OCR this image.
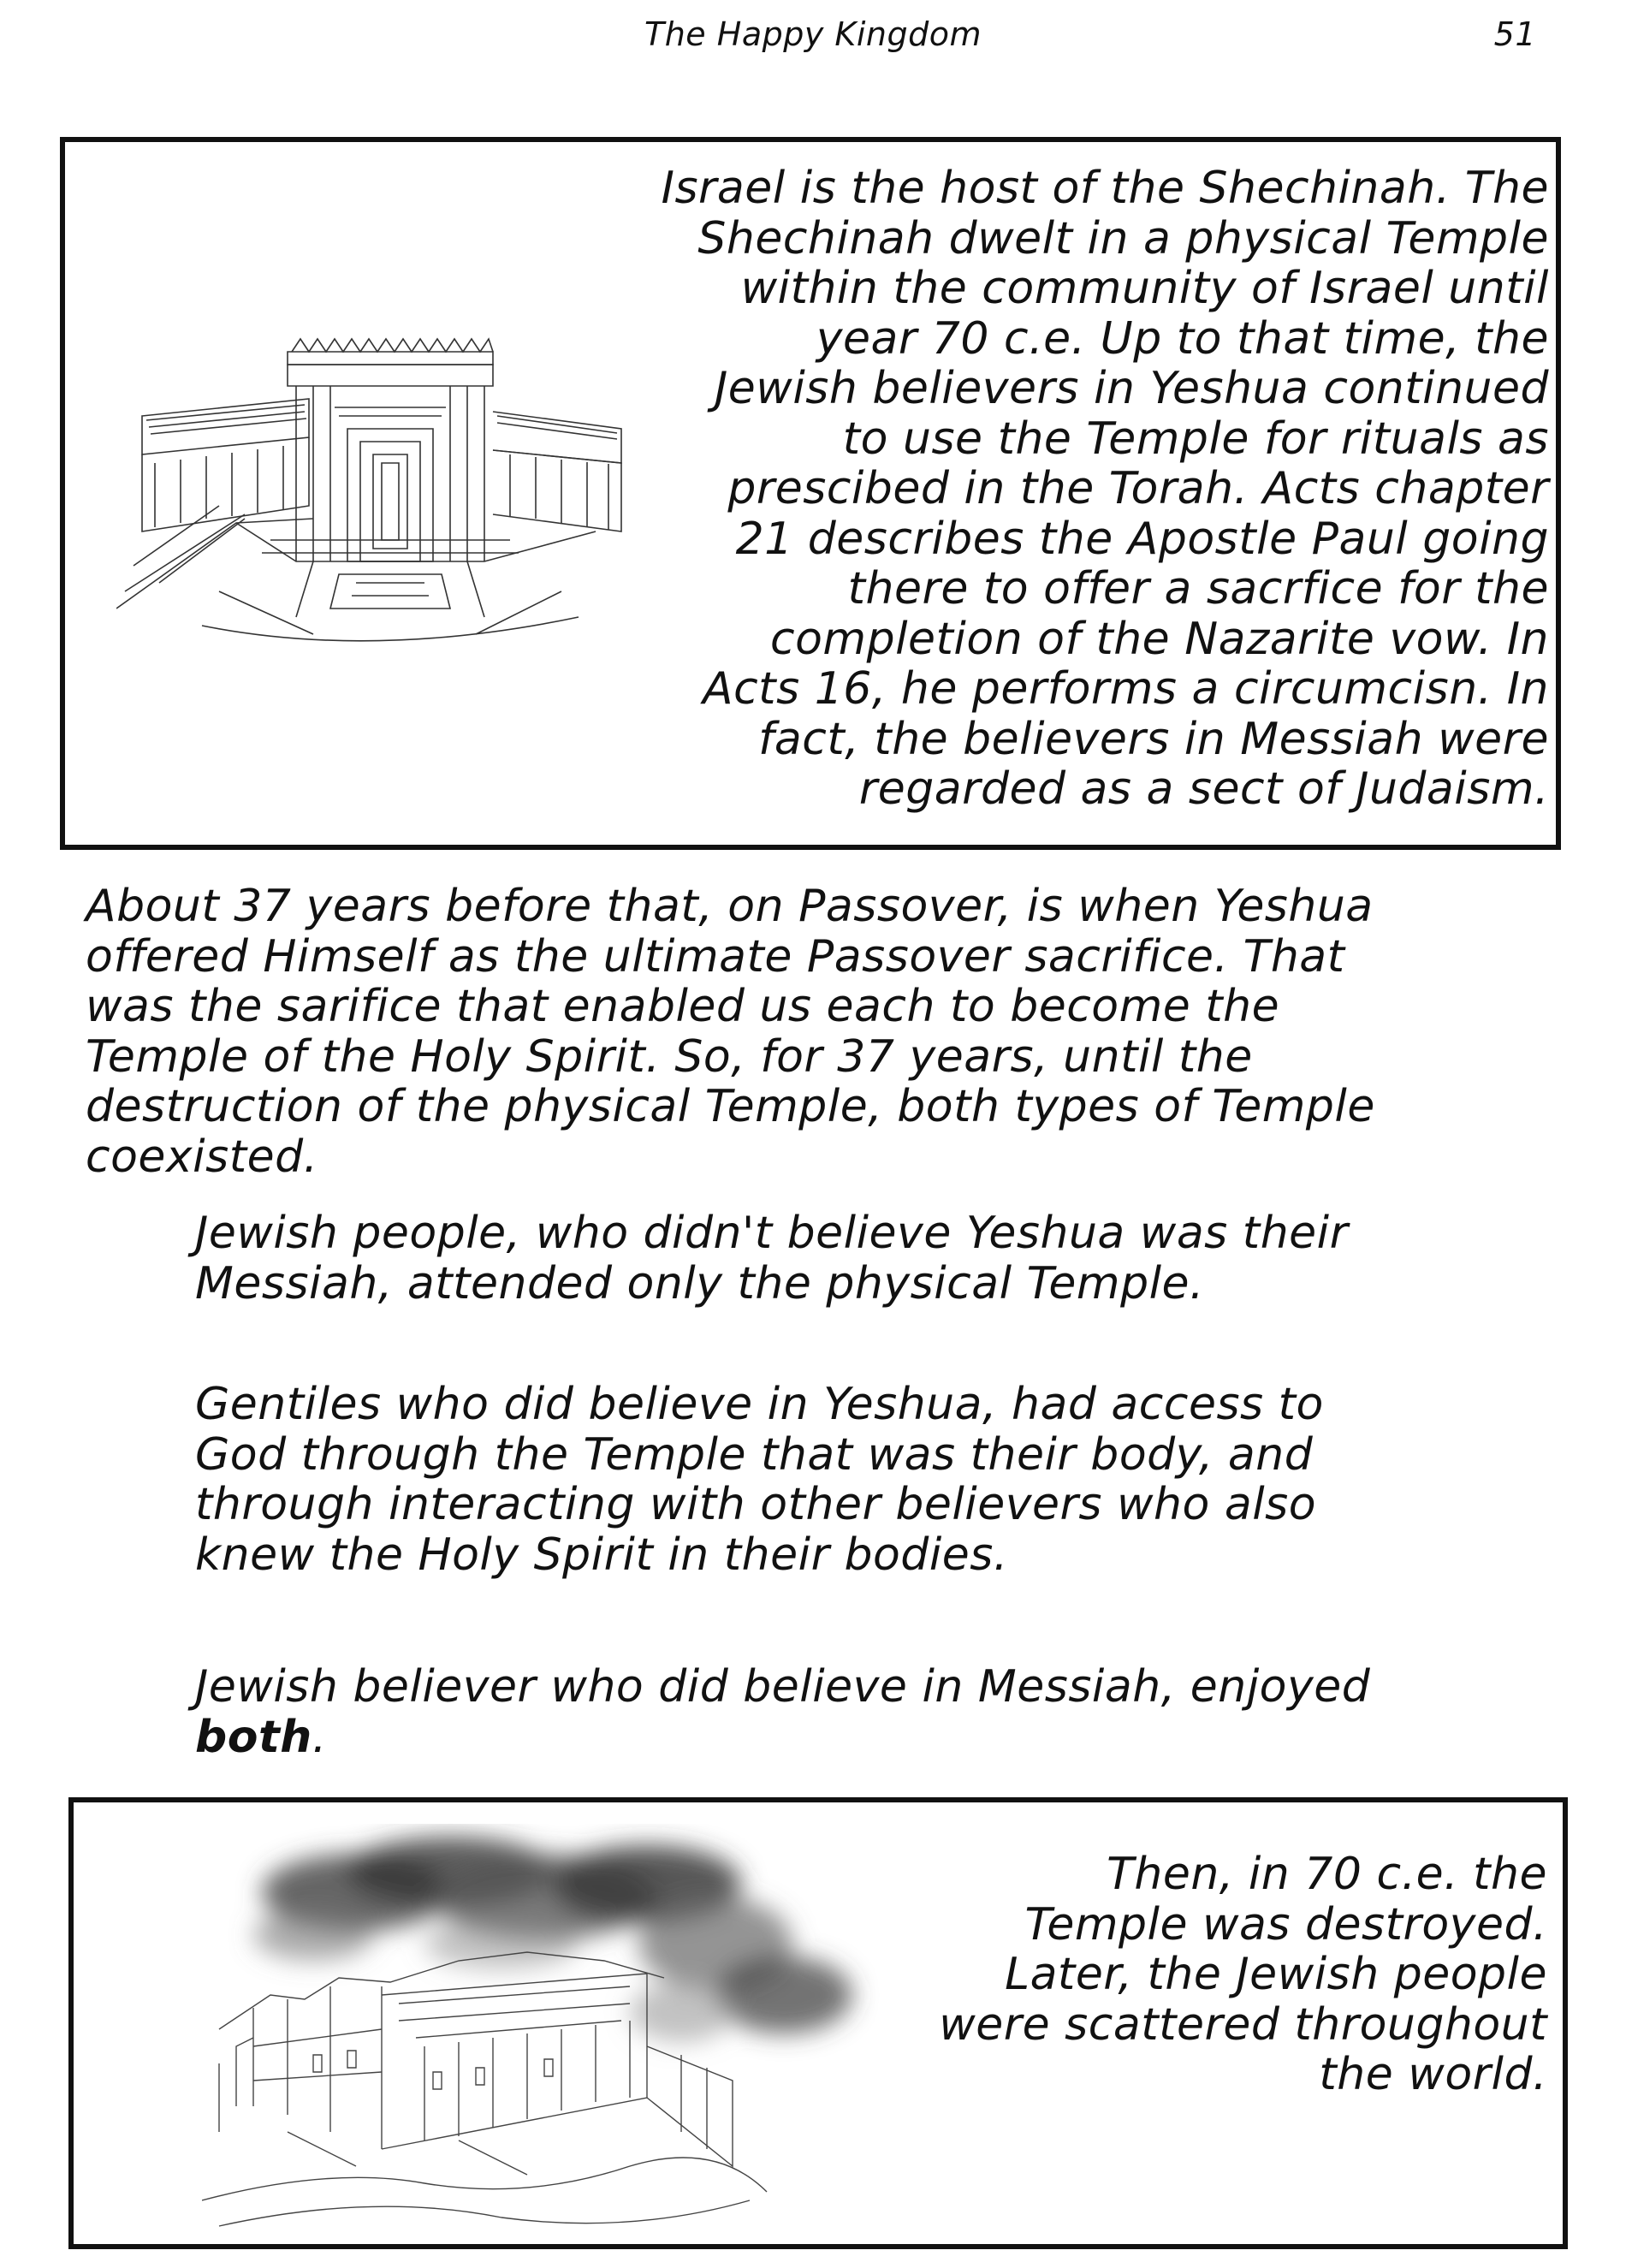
The Happy Kingdom	51
Israel is the host of the Shechinah. The
Shechinah dwelt in a physical Temple
within the community of Israel until
year 70 c.e. Up to that time, the
Jewish believers in Yeshua continued
to use the Temple for rituals as
prescibed in the Torah. Acts chapter
21 describes the Apostle Paul going
there to offer a sacrfice for the
completion of the Nazarite vow. In
Acts 16, he performs a circumcisn. In
fact, the believers in Messiah were
regarded as a sect of Judaism.
About 37 years before that, on Passover, is when Yeshua
offered Himself as the ultimate Passover sacrifice. That
was the sarifice that enabled us each to become the
Temple of the Holy Spirit. So, for 37 years, until the
destruction of the physical Temple, both types of Temple
coexisted.
Jewish people, who didn't believe Yeshua was their
Messiah, attended only the physical Temple.
Gentiles who did believe in Yeshua, had access to
God through the Temple that was their body, and
through interacting with other believers who also
knew the Holy Spirit in their bodies.
Jewish believer who did believe in Messiah, enjoyed
both.
Then, in 70 c.e. the
Temple was destroyed.
Later, the Jewish people
were scattered throughout
the world.
